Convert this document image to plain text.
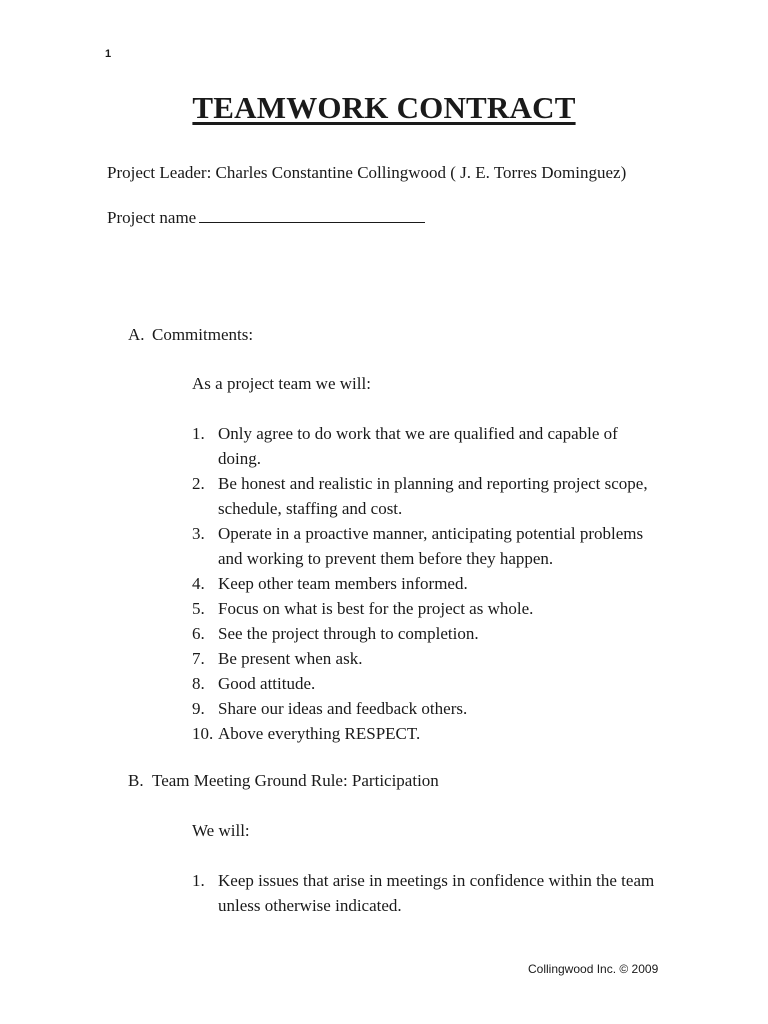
1
TEAMWORK CONTRACT
Project Leader: Charles Constantine Collingwood ( J. E. Torres Dominguez)
Project name
A. Commitments:
As a project team we will:
1. Only agree to do work that we are qualified and capable of doing.
2. Be honest and realistic in planning and reporting project scope, schedule, staffing and cost.
3. Operate in a proactive manner, anticipating potential problems and working to prevent them before they happen.
4. Keep other team members informed.
5. Focus on what is best for the project as whole.
6. See the project through to completion.
7. Be present when ask.
8. Good attitude.
9. Share our ideas and feedback others.
10. Above everything RESPECT.
B. Team Meeting Ground Rule: Participation
We will:
1. Keep issues that arise in meetings in confidence within the team unless otherwise indicated.
Collingwood Inc. © 2009
